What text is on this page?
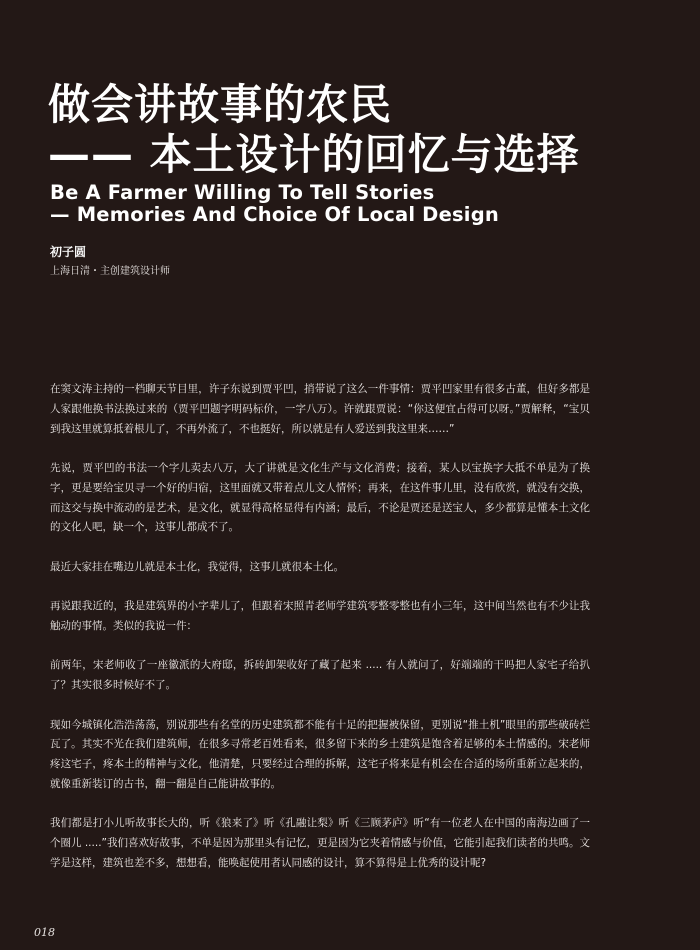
做会讲故事的农民
—— 本土设计的回忆与选择
Be A Farmer Willing To Tell Stories
— Memories And Choice Of Local Design
初子圆
上海日清・主创建筑设计师

在窦文涛主持的一档聊天节目里，许子东说到贾平凹，捎带说了这么一件事情：贾平凹家里有很多古董，但好多都是人家跟他换书法换过来的（贾平凹题字明码标价，一字八万）。许就跟贾说：“你这便宜占得可以呀。”贾解释，“宝贝到我这里就算抵着根儿了，不再外流了，不也挺好，所以就是有人爱送到我这里来……”

先说，贾平凹的书法一个字儿卖去八万，大了讲就是文化生产与文化消费；接着，某人以宝换字大抵不单是为了换字，更是要给宝贝寻一个好的归宿，这里面就又带着点儿文人情怀；再来，在这件事儿里，没有欣赏，就没有交换，而这交与换中流动的是艺术，是文化，就显得高格显得有内涵；最后，不论是贾还是送宝人，多少都算是懂本土文化的文化人吧，缺一个，这事儿都成不了。

最近大家挂在嘴边儿就是本土化，我觉得，这事儿就很本土化。

再说跟我近的，我是建筑界的小字辈儿了，但跟着宋照青老师学建筑零整零整也有小三年，这中间当然也有不少让我触动的事情。类似的我说一件：

前两年，宋老师收了一座徽派的大府邸，拆砖卸架收好了藏了起来 ..... 有人就问了，好端端的干吗把人家宅子给扒了？其实很多时候好不了。

现如今城镇化浩浩荡荡，别说那些有名堂的历史建筑都不能有十足的把握被保留，更别说“推土机”眼里的那些破砖烂瓦了。其实不光在我们建筑师，在很多寻常老百姓看来，很多留下来的乡土建筑是饱含着足够的本土情感的。宋老师疼这宅子，疼本土的精神与文化，他清楚，只要经过合理的拆解，这宅子将来是有机会在合适的场所重新立起来的，就像重新装订的古书，翻一翻是自己能讲故事的。

我们都是打小儿听故事长大的，听《狼来了》听《孔融让梨》听《三顾茅庐》听“有一位老人在中国的南海边画了一个圈儿 .....”我们喜欢好故事，不单是因为那里头有记忆，更是因为它夹着情感与价值，它能引起我们读者的共鸣。文学是这样，建筑也差不多，想想看，能唤起使用者认同感的设计，算不算得是上优秀的设计呢?

018
